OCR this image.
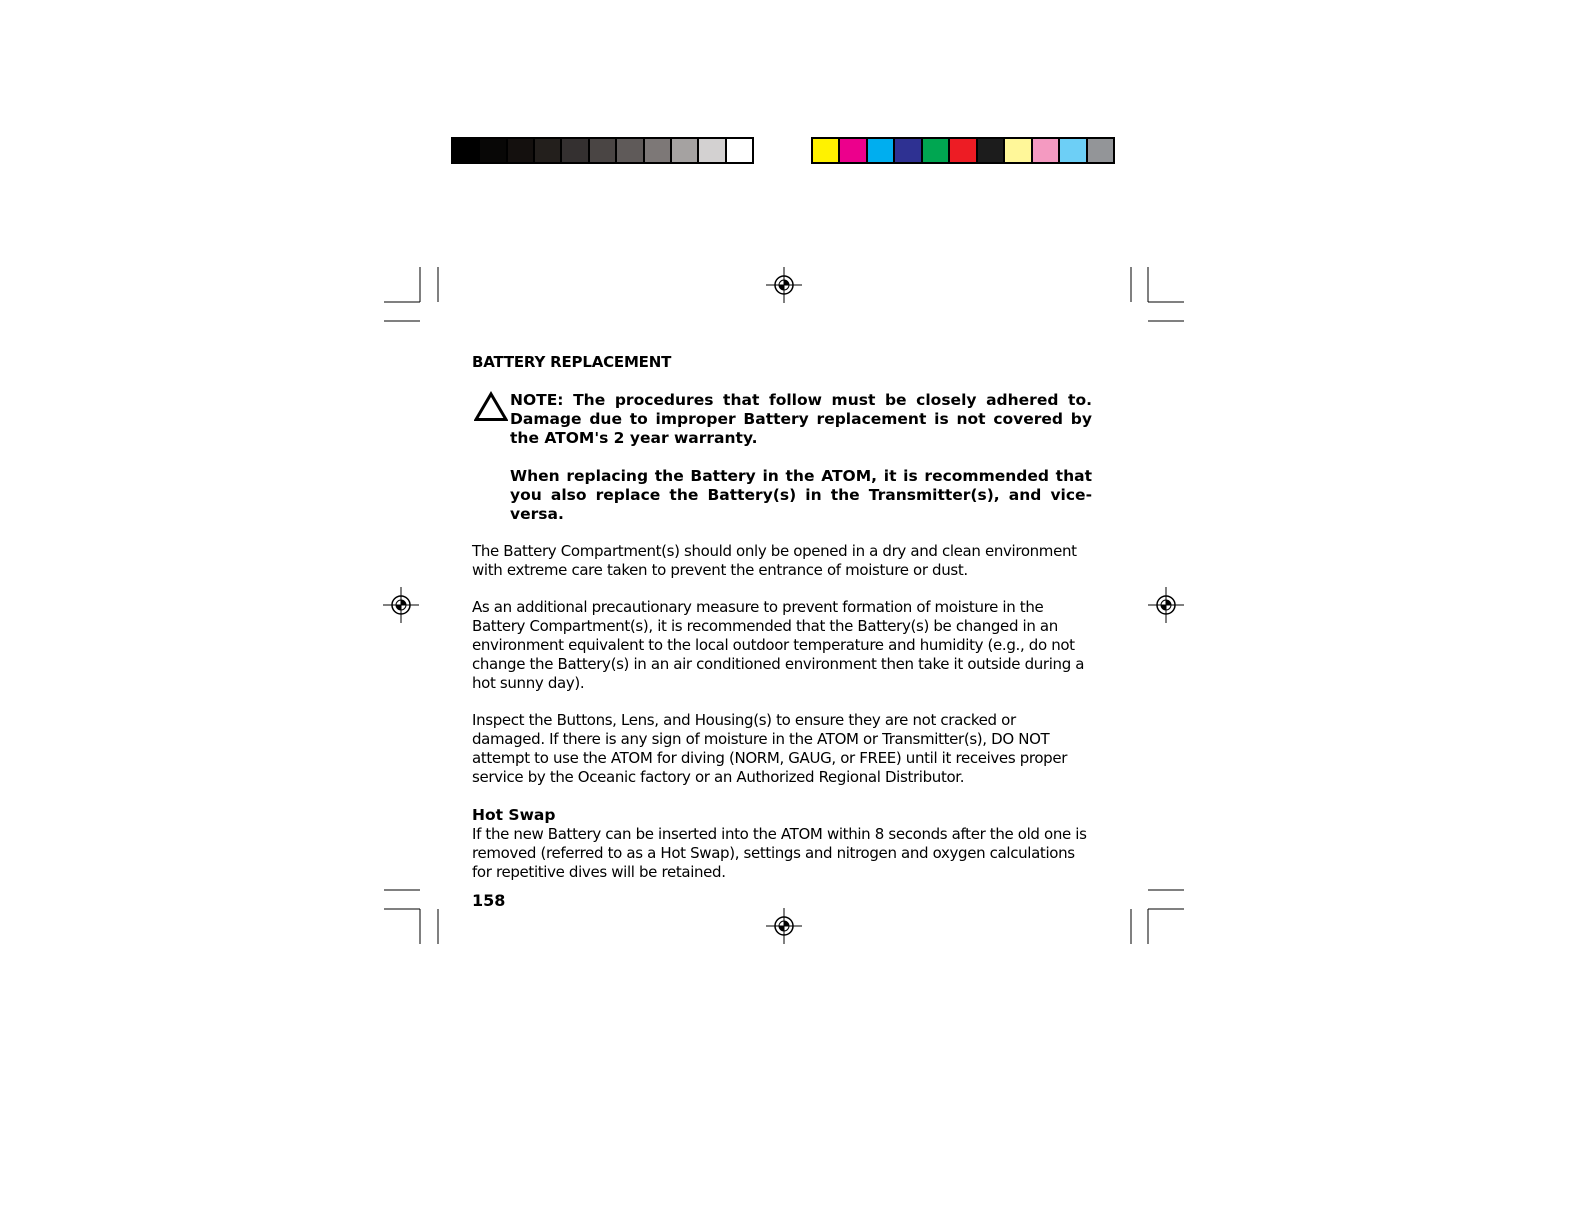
BATTERY REPLACEMENT

NOTE: The procedures that follow must be closely adhered to. Damage due to improper Battery replacement is not covered by the ATOM's 2 year warranty.

When replacing the Battery in the ATOM, it is recommended that you also replace the Battery(s) in the Transmitter(s), and vice-versa.

The Battery Compartment(s) should only be opened in a dry and clean environment with extreme care taken to prevent the entrance of moisture or dust.

As an additional precautionary measure to prevent formation of moisture in the Battery Compartment(s), it is recommended that the Battery(s) be changed in an environment equivalent to the local outdoor temperature and humidity (e.g., do not change the Battery(s) in an air conditioned environment then take it outside during a hot sunny day).

Inspect the Buttons, Lens, and Housing(s) to ensure they are not cracked or damaged. If there is any sign of moisture in the ATOM or Transmitter(s), DO NOT attempt to use the ATOM for diving (NORM, GAUG, or FREE) until it receives proper service by the Oceanic factory or an Authorized Regional Distributor.

Hot Swap

If the new Battery can be inserted into the ATOM within 8 seconds after the old one is removed (referred to as a Hot Swap), settings and nitrogen and oxygen calculations for repetitive dives will be retained.

158
